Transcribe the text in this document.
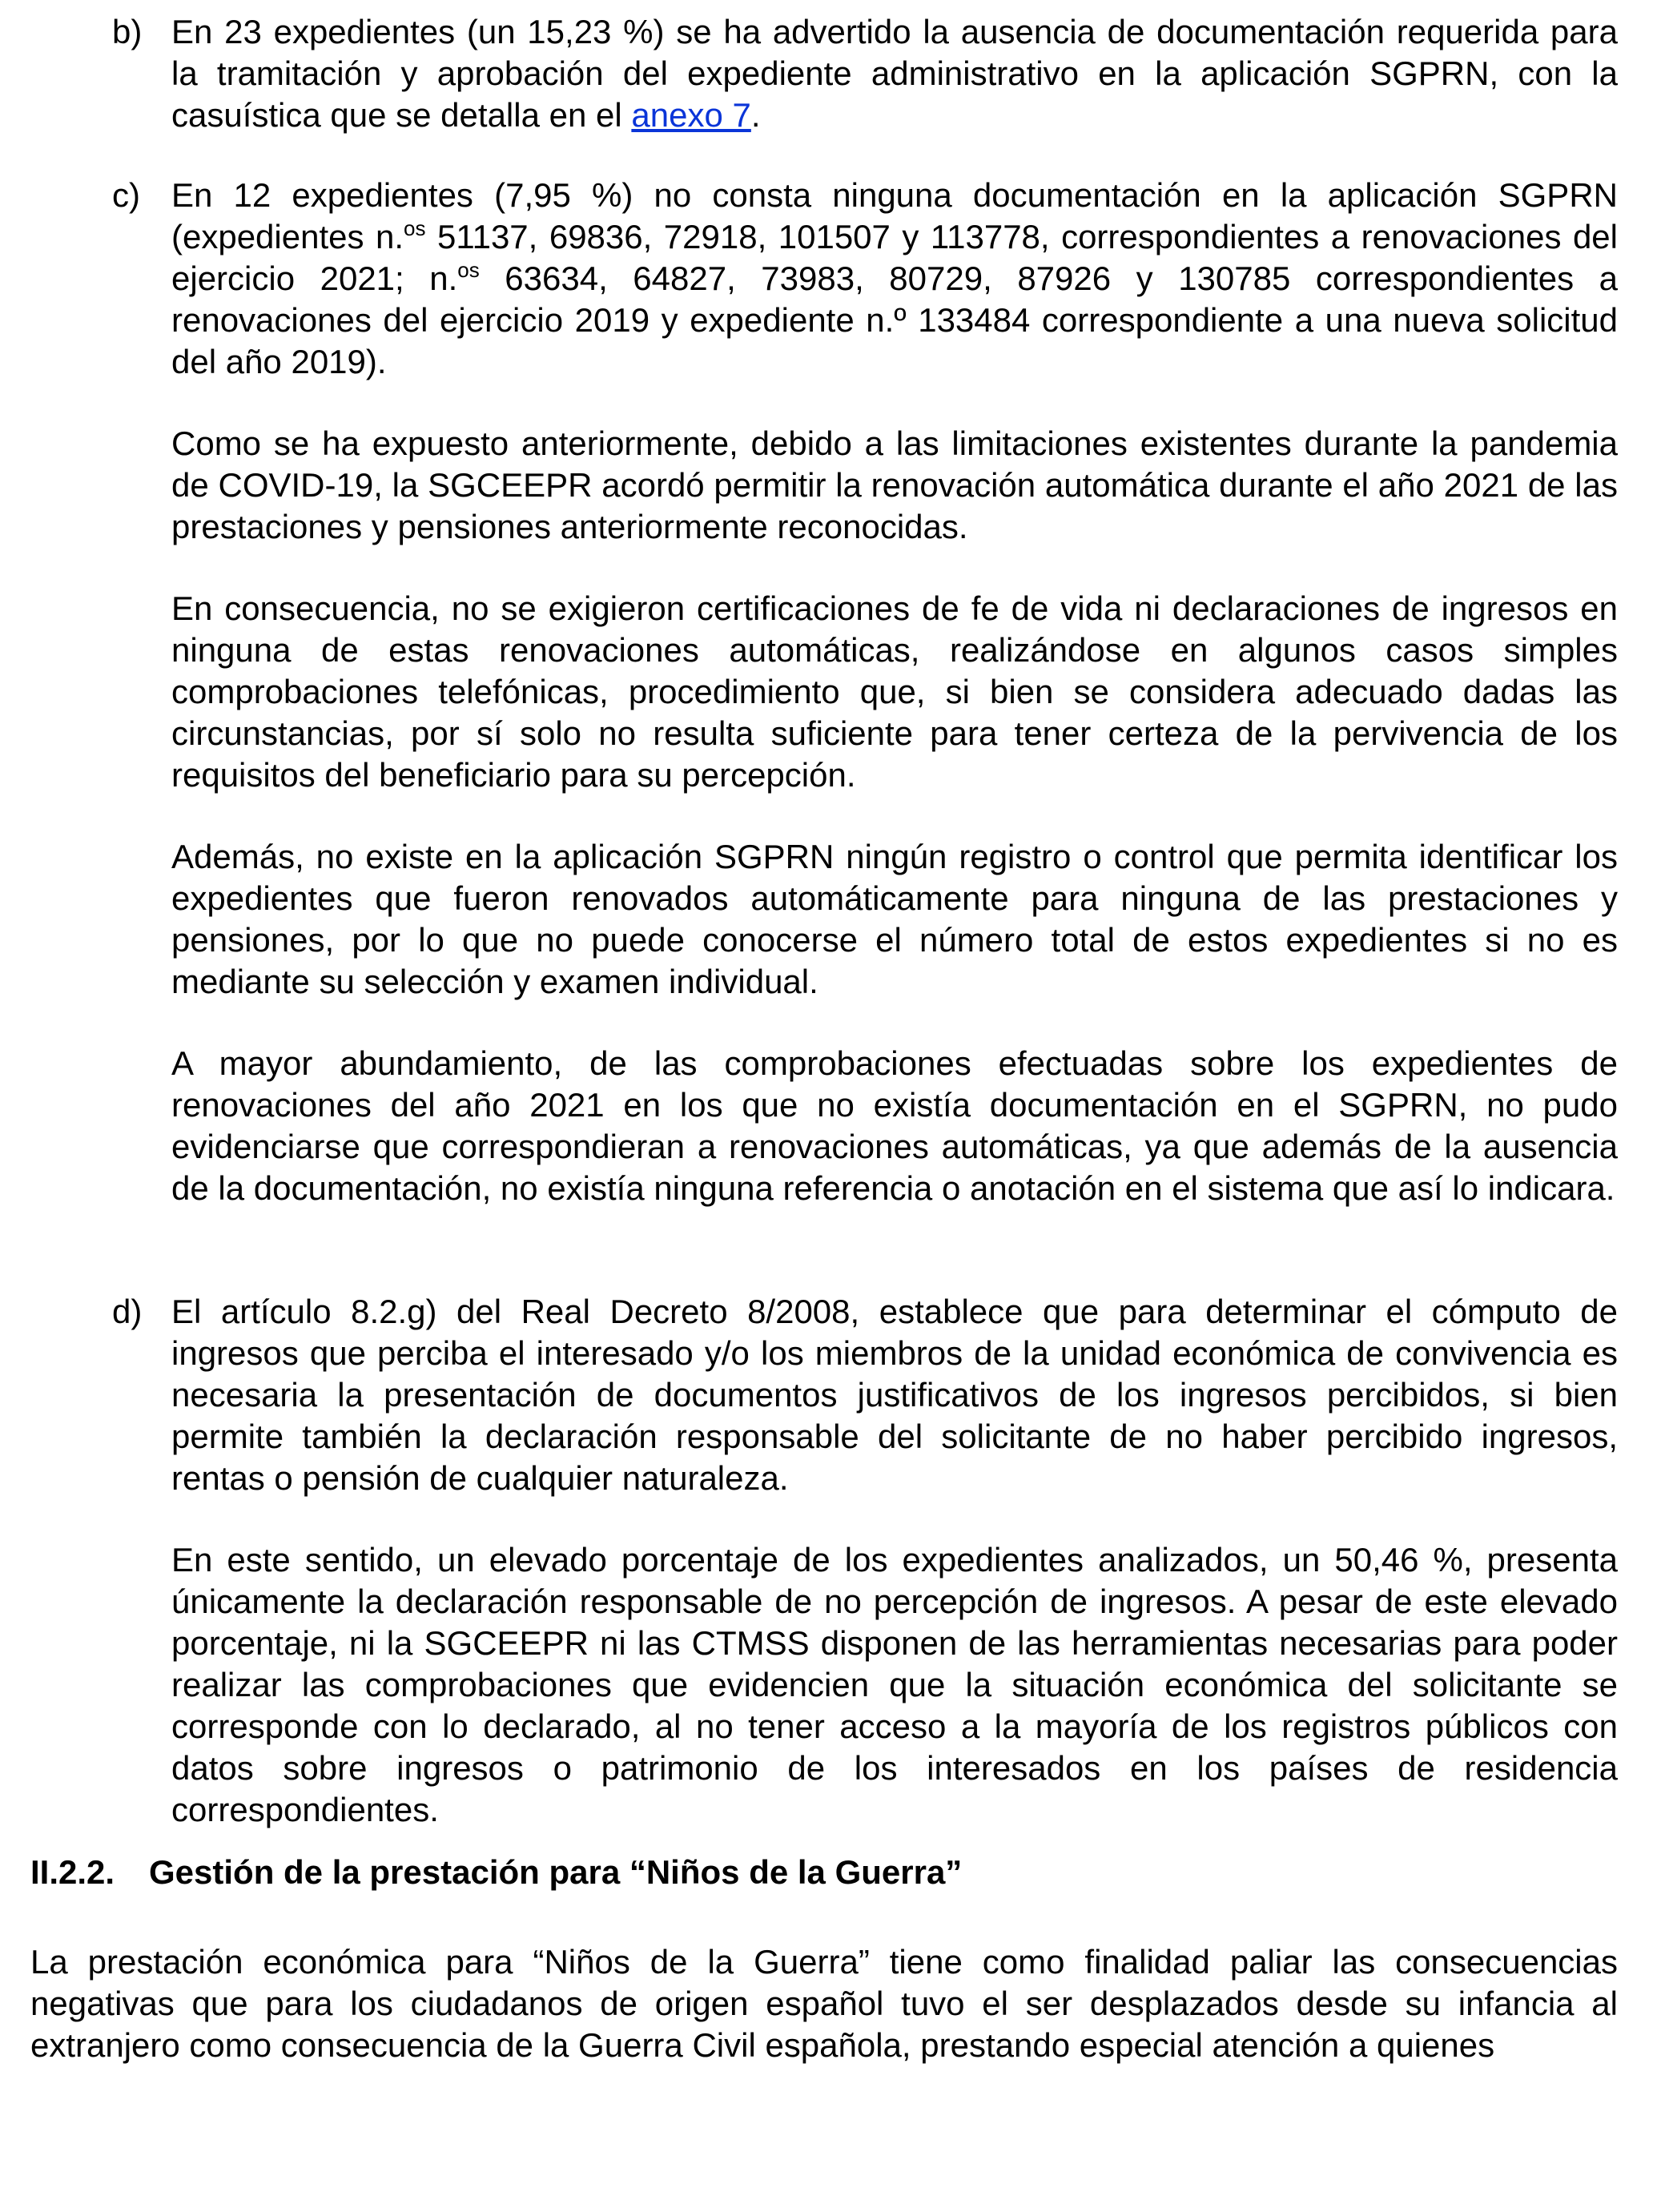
b) En 23 expedientes (un 15,23 %) se ha advertido la ausencia de documentación requerida para la tramitación y aprobación del expediente administrativo en la aplicación SGPRN, con la casuística que se detalla en el anexo 7.

c) En 12 expedientes (7,95 %) no consta ninguna documentación en la aplicación SGPRN (expedientes n.$^{os}$ 51137, 69836, 72918, 101507 y 113778, correspondientes a renovaciones del ejercicio 2021; n.$^{os}$ 63634, 64827, 73983, 80729, 87926 y 130785 correspondientes a renovaciones del ejercicio 2019 y expediente n.º 133484 correspondiente a una nueva solicitud del año 2019).

Como se ha expuesto anteriormente, debido a las limitaciones existentes durante la pandemia de COVID-19, la SGCEEPR acordó permitir la renovación automática durante el año 2021 de las prestaciones y pensiones anteriormente reconocidas.

En consecuencia, no se exigieron certificaciones de fe de vida ni declaraciones de ingresos en ninguna de estas renovaciones automáticas, realizándose en algunos casos simples comprobaciones telefónicas, procedimiento que, si bien se considera adecuado dadas las circunstancias, por sí solo no resulta suficiente para tener certeza de la pervivencia de los requisitos del beneficiario para su percepción.

Además, no existe en la aplicación SGPRN ningún registro o control que permita identificar los expedientes que fueron renovados automáticamente para ninguna de las prestaciones y pensiones, por lo que no puede conocerse el número total de estos expedientes si no es mediante su selección y examen individual.

A mayor abundamiento, de las comprobaciones efectuadas sobre los expedientes de renovaciones del año 2021 en los que no existía documentación en el SGPRN, no pudo evidenciarse que correspondieran a renovaciones automáticas, ya que además de la ausencia de la documentación, no existía ninguna referencia o anotación en el sistema que así lo indicara.

d) El artículo 8.2.g) del Real Decreto 8/2008, establece que para determinar el cómputo de ingresos que perciba el interesado y/o los miembros de la unidad económica de convivencia es necesaria la presentación de documentos justificativos de los ingresos percibidos, si bien permite también la declaración responsable del solicitante de no haber percibido ingresos, rentas o pensión de cualquier naturaleza.

En este sentido, un elevado porcentaje de los expedientes analizados, un 50,46 %, presenta únicamente la declaración responsable de no percepción de ingresos. A pesar de este elevado porcentaje, ni la SGCEEPR ni las CTMSS disponen de las herramientas necesarias para poder realizar las comprobaciones que evidencien que la situación económica del solicitante se corresponde con lo declarado, al no tener acceso a la mayoría de los registros públicos con datos sobre ingresos o patrimonio de los interesados en los países de residencia correspondientes.

II.2.2. Gestión de la prestación para “Niños de la Guerra”

La prestación económica para “Niños de la Guerra” tiene como finalidad paliar las consecuencias negativas que para los ciudadanos de origen español tuvo el ser desplazados desde su infancia al extranjero como consecuencia de la Guerra Civil española, prestando especial atención a quienes
